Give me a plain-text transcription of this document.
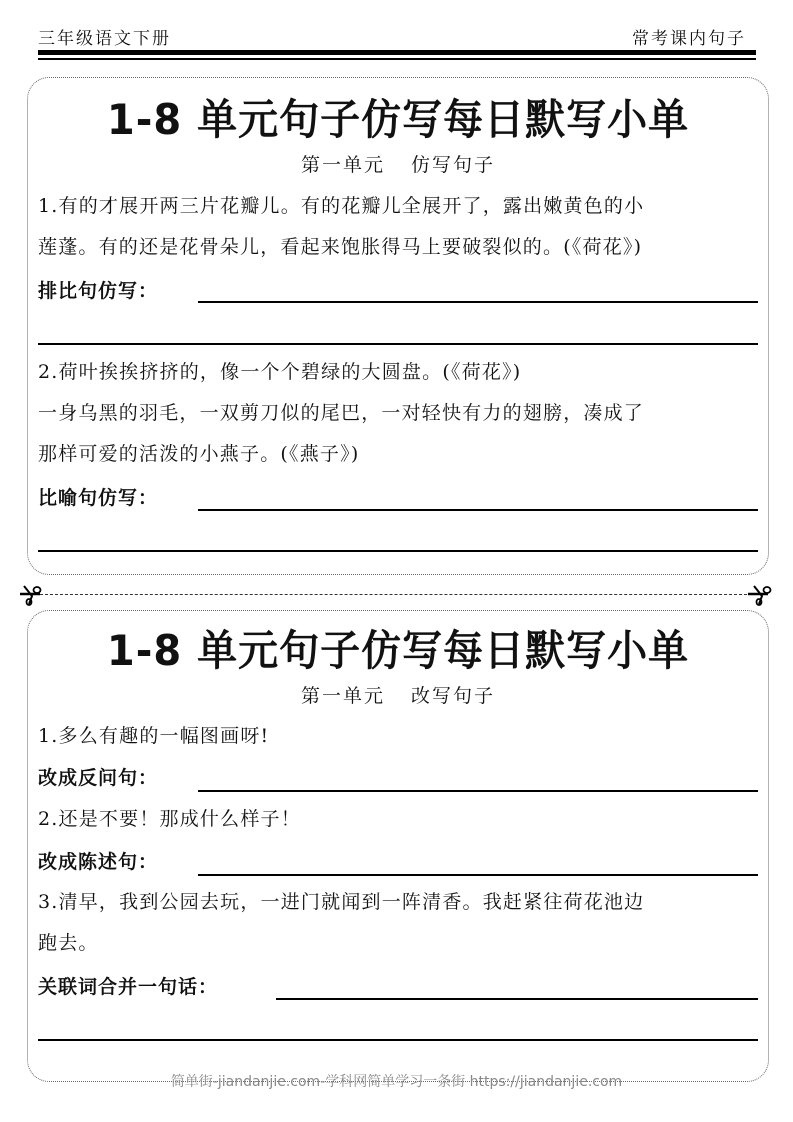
三年级语文下册	常考课内句子
1-8 单元句子仿写每日默写小单
第一单元 仿写句子
1.有的才展开两三片花瓣儿。有的花瓣儿全展开了，露出嫩黄色的小
莲蓬。有的还是花骨朵儿，看起来饱胀得马上要破裂似的。(《荷花》)
排比句仿写：
2.荷叶挨挨挤挤的，像一个个碧绿的大圆盘。(《荷花》)
一身乌黑的羽毛，一双剪刀似的尾巴，一对轻快有力的翅膀，凑成了
那样可爱的活泼的小燕子。(《燕子》)
比喻句仿写：
1-8 单元句子仿写每日默写小单
第一单元 改写句子
1.多么有趣的一幅图画呀!
改成反问句：
2.还是不要！那成什么样子！
改成陈述句：
3.清早，我到公园去玩，一进门就闻到一阵清香。我赶紧往荷花池边
跑去。
关联词合并一句话：
简单街-jiandanjie.com-学科网简单学习一条街 https://jiandanjie.com
